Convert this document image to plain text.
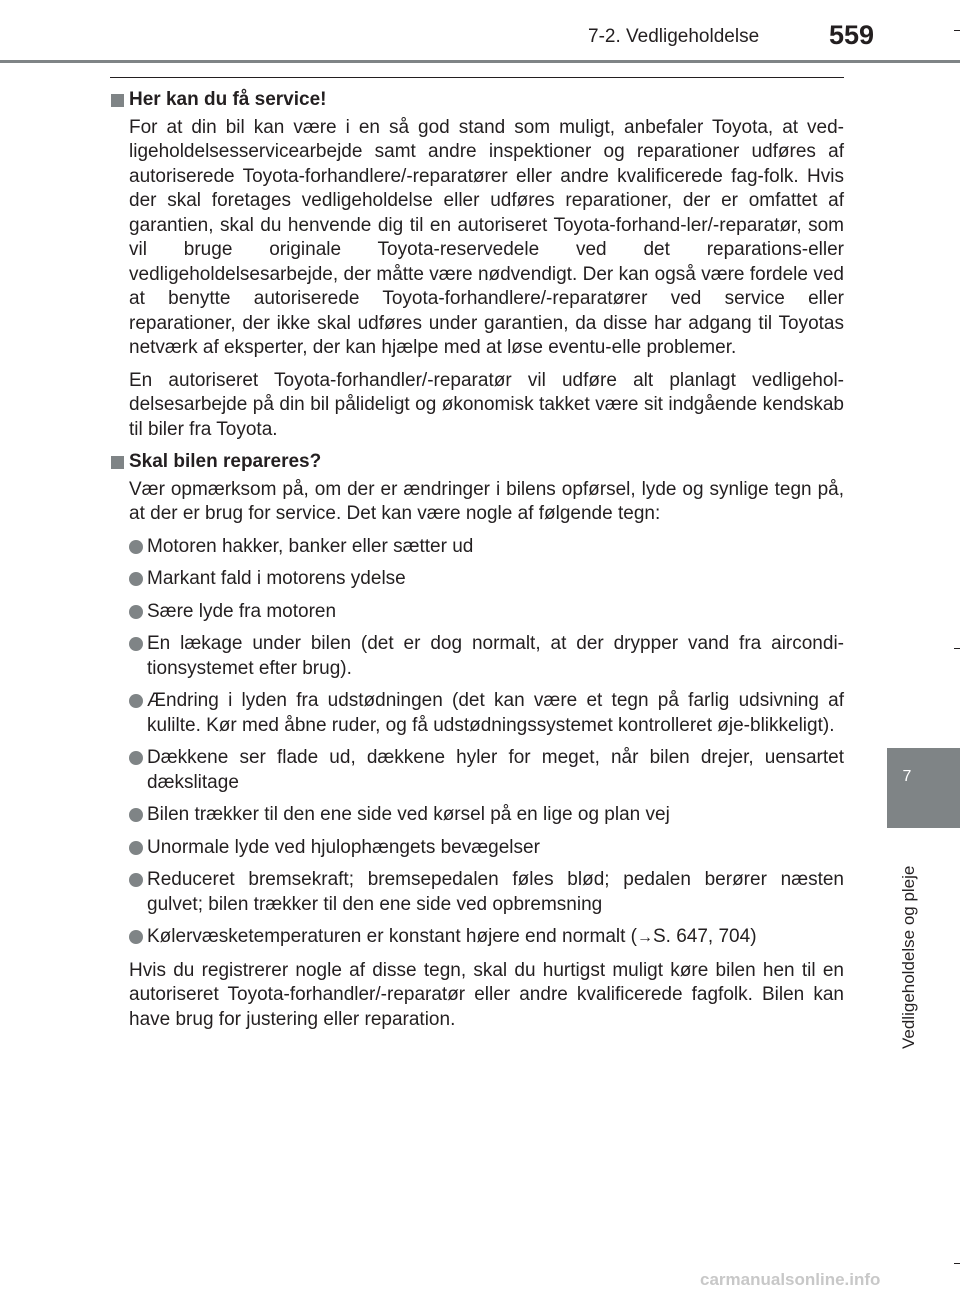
7-2. Vedligeholdelse	559
7
Vedligeholdelse og pleje
Her kan du få service!

For at din bil kan være i en så god stand som muligt, anbefaler Toyota, at ved-ligeholdelsesservicearbejde samt andre inspektioner og reparationer udføres af autoriserede Toyota-forhandlere/-reparatører eller andre kvalificerede fag-folk. Hvis der skal foretages vedligeholdelse eller udføres reparationer, der er omfattet af garantien, skal du henvende dig til en autoriseret Toyota-forhand-ler/-reparatør, som vil bruge originale Toyota-reservedele ved det reparations-eller vedligeholdelsesarbejde, der måtte være nødvendigt. Der kan også være fordele ved at benytte autoriserede Toyota-forhandlere/-reparatører ved service eller reparationer, der ikke skal udføres under garantien, da disse har adgang til Toyotas netværk af eksperter, der kan hjælpe med at løse eventu-elle problemer.

En autoriseret Toyota-forhandler/-reparatør vil udføre alt planlagt vedligehol-delsesarbejde på din bil pålideligt og økonomisk takket være sit indgående kendskab til biler fra Toyota.

Skal bilen repareres?

Vær opmærksom på, om der er ændringer i bilens opførsel, lyde og synlige tegn på, at der er brug for service. Det kan være nogle af følgende tegn:

Motoren hakker, banker eller sætter ud
Markant fald i motorens ydelse
Sære lyde fra motoren
En lækage under bilen (det er dog normalt, at der drypper vand fra aircondi-tionsystemet efter brug).
Ændring i lyden fra udstødningen (det kan være et tegn på farlig udsivning af kulilte. Kør med åbne ruder, og få udstødningssystemet kontrolleret øje-blikkeligt).
Dækkene ser flade ud, dækkene hyler for meget, når bilen drejer, uensartet dækslitage
Bilen trækker til den ene side ved kørsel på en lige og plan vej
Unormale lyde ved hjulophængets bevægelser
Reduceret bremsekraft; bremsepedalen føles blød; pedalen berører næsten gulvet; bilen trækker til den ene side ved opbremsning
Kølervæsketemperaturen er konstant højere end normalt (→S. 647, 704)

Hvis du registrerer nogle af disse tegn, skal du hurtigst muligt køre bilen hen til en autoriseret Toyota-forhandler/-reparatør eller andre kvalificerede fagfolk. Bilen kan have brug for justering eller reparation.

carmanualsonline.info
